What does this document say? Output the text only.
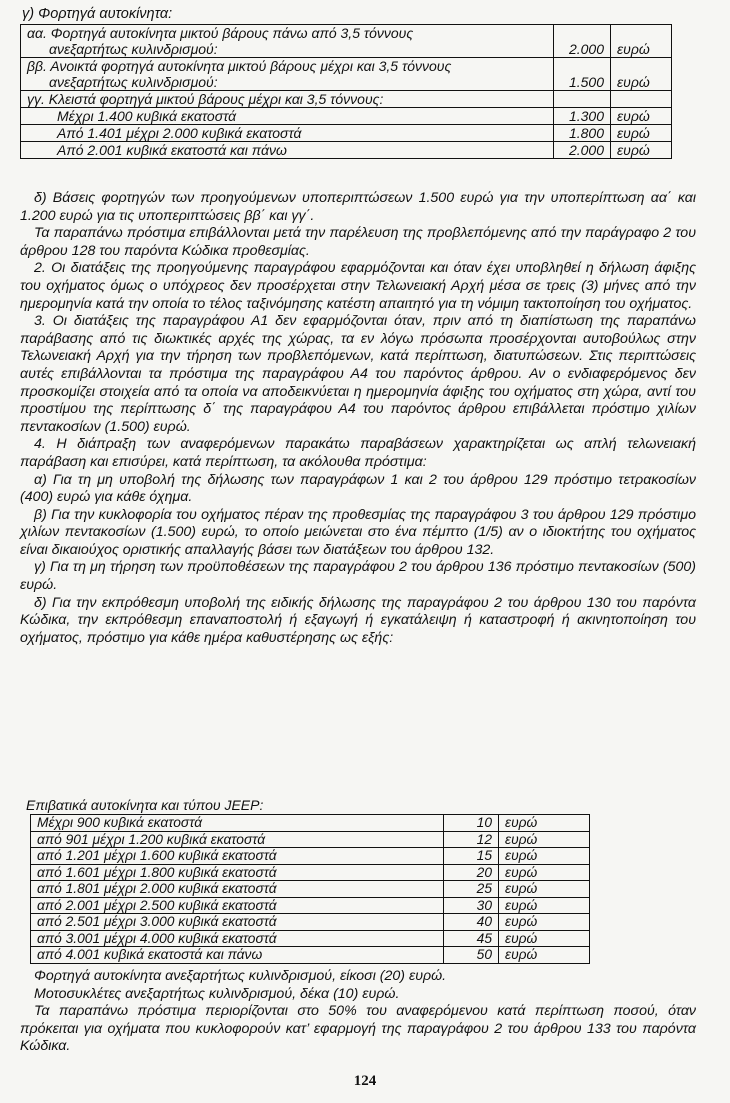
γ) Φορτηγά αυτοκίνητα:
αα. Φορτηγά αυτοκίνητα μικτού βάρους πάνω από 3,5 τόννους
ανεξαρτήτως κυλινδρισμού:	2.000	ευρώ
ββ. Ανοικτά φορτηγά αυτοκίνητα μικτού βάρους μέχρι και 3,5 τόννους
ανεξαρτήτως κυλινδρισμού:	1.500	ευρώ
γγ. Κλειστά φορτηγά μικτού βάρους μέχρι και 3,5 τόννους:		
Μέχρι 1.400 κυβικά εκατοστά	1.300	ευρώ
Από 1.401 μέχρι 2.000 κυβικά εκατοστά	1.800	ευρώ
Από 2.001 κυβικά εκατοστά και πάνω	2.000	ευρώ

δ) Βάσεις φορτηγών των προηγούμενων υποπεριπτώσεων 1.500 ευρώ για την υποπερίπτωση αα΄ και 1.200 ευρώ για τις υποπεριπτώσεις ββ΄ και γγ΄.

Τα παραπάνω πρόστιμα επιβάλλονται μετά την παρέλευση της προβλεπόμενης από την παράγραφο 2 του άρθρου 128 του παρόντα Κώδικα προθεσμίας.

2. Οι διατάξεις της προηγούμενης παραγράφου εφαρμόζονται και όταν έχει υποβληθεί η δήλωση άφιξης του οχήματος όμως ο υπόχρεος δεν προσέρχεται στην Τελωνειακή Αρχή μέσα σε τρεις (3) μήνες από την ημερομηνία κατά την οποία το τέλος ταξινόμησης κατέστη απαιτητό για τη νόμιμη τακτοποίηση του οχήματος.

3. Οι διατάξεις της παραγράφου Α1 δεν εφαρμόζονται όταν, πριν από τη διαπίστωση της παραπάνω παράβασης από τις διωκτικές αρχές της χώρας, τα εν λόγω πρόσωπα προσέρχονται αυτοβούλως στην Τελωνειακή Αρχή για την τήρηση των προβλεπόμενων, κατά περίπτωση, διατυπώσεων. Στις περιπτώσεις αυτές επιβάλλονται τα πρόστιμα της παραγράφου Α4 του παρόντος άρθρου. Αν ο ενδιαφερόμενος δεν προσκομίζει στοιχεία από τα οποία να αποδεικνύεται η ημερομηνία άφιξης του οχήματος στη χώρα, αντί του προστίμου της περίπτωσης δ΄ της παραγράφου Α4 του παρόντος άρθρου επιβάλλεται πρόστιμο χιλίων πεντακοσίων (1.500) ευρώ.

4. Η διάπραξη των αναφερόμενων παρακάτω παραβάσεων χαρακτηρίζεται ως απλή τελωνειακή παράβαση και επισύρει, κατά περίπτωση, τα ακόλουθα πρόστιμα:

α) Για τη μη υποβολή της δήλωσης των παραγράφων 1 και 2 του άρθρου 129 πρόστιμο τετρακοσίων (400) ευρώ για κάθε όχημα.

β) Για την κυκλοφορία του οχήματος πέραν της προθεσμίας της παραγράφου 3 του άρθρου 129 πρόστιμο χιλίων πεντακοσίων (1.500) ευρώ, το οποίο μειώνεται στο ένα πέμπτο (1/5) αν ο ιδιοκτήτης του οχήματος είναι δικαιούχος οριστικής απαλλαγής βάσει των διατάξεων του άρθρου 132.

γ) Για τη μη τήρηση των προϋποθέσεων της παραγράφου 2 του άρθρου 136 πρόστιμο πεντακοσίων (500) ευρώ.

δ) Για την εκπρόθεσμη υποβολή της ειδικής δήλωσης της παραγράφου 2 του άρθρου 130 του παρόντα Κώδικα, την εκπρόθεσμη επαναποστολή ή εξαγωγή ή εγκατάλειψη ή καταστροφή ή ακινητοποίηση του οχήματος, πρόστιμο για κάθε ημέρα καθυστέρησης ως εξής:

Επιβατικά αυτοκίνητα και τύπου JEEP:
Μέχρι 900 κυβικά εκατοστά	10	ευρώ
από 901 μέχρι 1.200 κυβικά εκατοστά	12	ευρώ
από 1.201 μέχρι 1.600 κυβικά εκατοστά	15	ευρώ
από 1.601 μέχρι 1.800 κυβικά εκατοστά	20	ευρώ
από 1.801 μέχρι 2.000 κυβικά εκατοστά	25	ευρώ
από 2.001 μέχρι 2.500 κυβικά εκατοστά	30	ευρώ
από 2.501 μέχρι 3.000 κυβικά εκατοστά	40	ευρώ
από 3.001 μέχρι 4.000 κυβικά εκατοστά	45	ευρώ
από 4.001 κυβικά εκατοστά και πάνω	50	ευρώ

Φορτηγά αυτοκίνητα ανεξαρτήτως κυλινδρισμού, είκοσι (20) ευρώ.

Μοτοσυκλέτες ανεξαρτήτως κυλινδρισμού, δέκα (10) ευρώ.

Τα παραπάνω πρόστιμα περιορίζονται στο 50% του αναφερόμενου κατά περίπτωση ποσού, όταν πρόκειται για οχήματα που κυκλοφορούν κατ’ εφαρμογή της παραγράφου 2 του άρθρου 133 του παρόντα Κώδικα.

124
